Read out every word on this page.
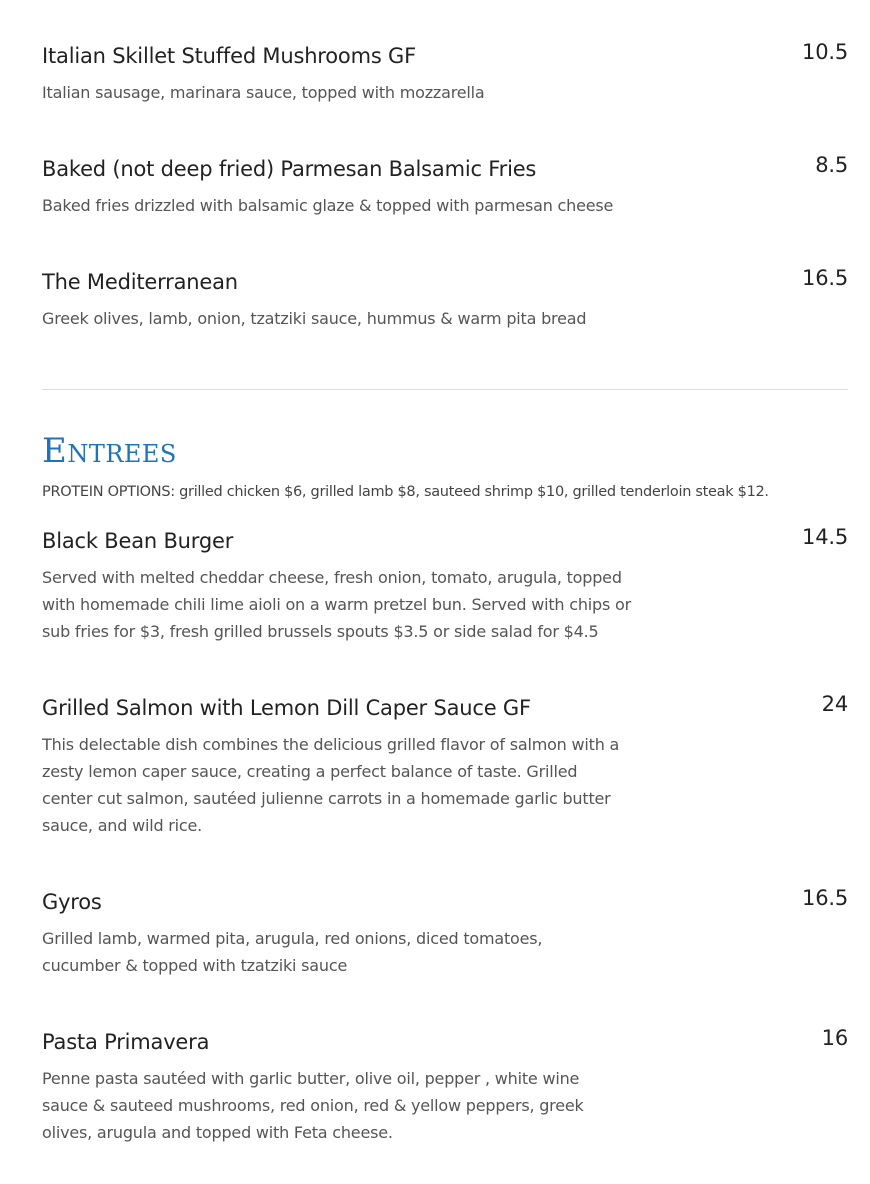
Italian Skillet Stuffed Mushrooms GF	10.5
Italian sausage, marinara sauce, topped with mozzarella
Baked (not deep fried) Parmesan Balsamic Fries	8.5
Baked fries drizzled with balsamic glaze & topped with parmesan cheese
The Mediterranean	16.5
Greek olives, lamb, onion, tzatziki sauce, hummus & warm pita bread
Entrees
PROTEIN OPTIONS: grilled chicken $6, grilled lamb $8, sauteed shrimp $10, grilled tenderloin steak $12.
Black Bean Burger	14.5
Served with melted cheddar cheese, fresh onion, tomato, arugula, topped with homemade chili lime aioli on a warm pretzel bun. Served with chips or sub fries for $3, fresh grilled brussels spouts $3.5 or side salad for $4.5
Grilled Salmon with Lemon Dill Caper Sauce GF	24
This delectable dish combines the delicious grilled flavor of salmon with a zesty lemon caper sauce, creating a perfect balance of taste. Grilled center cut salmon, sautéed julienne carrots in a homemade garlic butter sauce, and wild rice.
Gyros	16.5
Grilled lamb, warmed pita, arugula, red onions, diced tomatoes, cucumber & topped with tzatziki sauce
Pasta Primavera	16
Penne pasta sautéed with garlic butter, olive oil, pepper , white wine sauce & sauteed mushrooms, red onion, red & yellow peppers, greek olives, arugula and topped with Feta cheese.
